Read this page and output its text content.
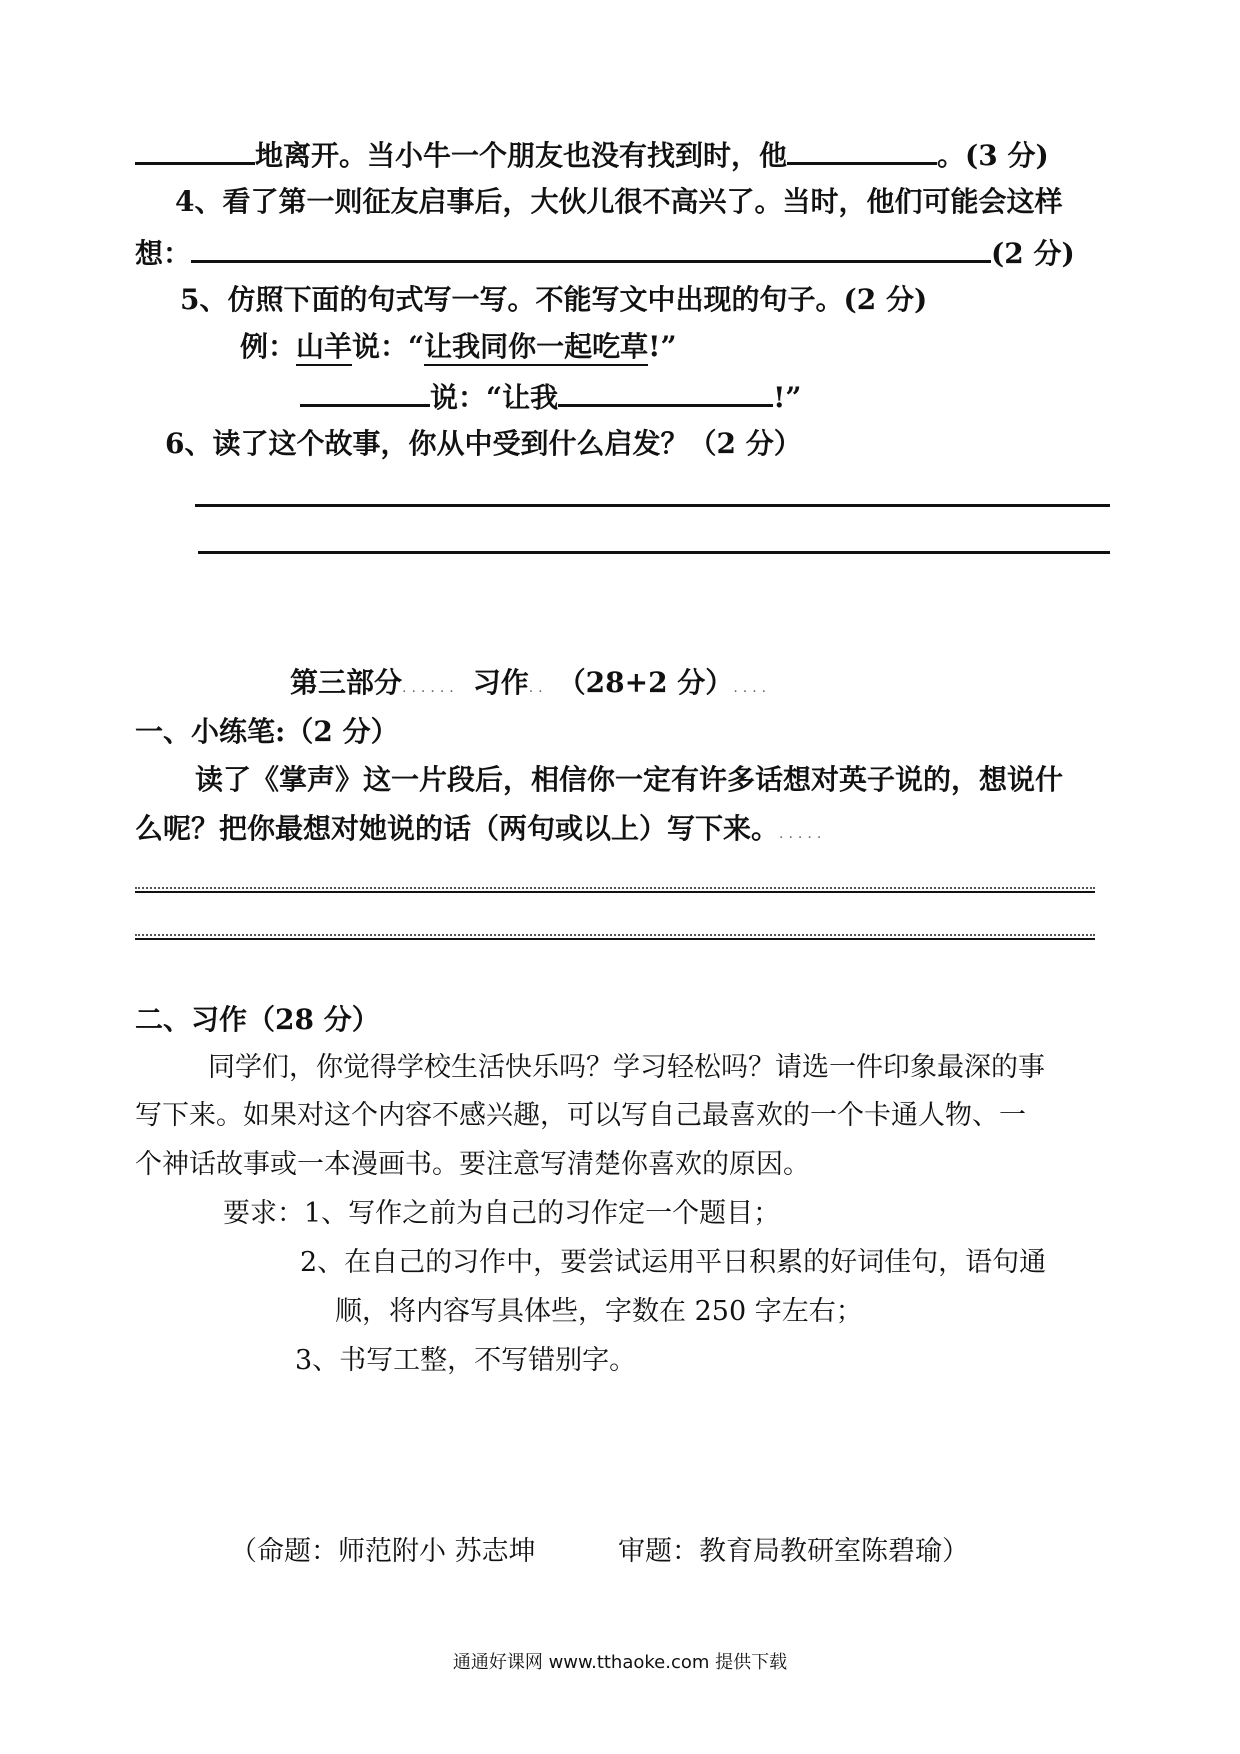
地离开。当小牛一个朋友也没有找到时，他	。(3 分)
4、看了第一则征友启事后，大伙儿很不高兴了。当时，他们可能会这样
想：	(2 分)
5、仿照下面的句式写一写。不能写文中出现的句子。(2 分)
例：山羊说：“让我同你一起吃草!”
说：“让我	!”
6、读了这个故事，你从中受到什么启发？（2 分）
第三部分...... 习作.. （28+2 分）....
一、小练笔:（2 分）
读了《掌声》这一片段后，相信你一定有许多话想对英子说的，想说什
么呢？把你最想对她说的话（两句或以上）写下来。.....
二、习作（28 分）
同学们，你觉得学校生活快乐吗？学习轻松吗？请选一件印象最深的事
写下来。如果对这个内容不感兴趣，可以写自己最喜欢的一个卡通人物、一
个神话故事或一本漫画书。要注意写清楚你喜欢的原因。
要求：1、写作之前为自己的习作定一个题目；
2、在自己的习作中，要尝试运用平日积累的好词佳句，语句通
顺，将内容写具体些，字数在 250 字左右；
3、书写工整，不写错别字。
（命题：师范附小 苏志坤	审题：教育局教研室陈碧瑜）
通通好课网 www.tthaoke.com 提供下载
